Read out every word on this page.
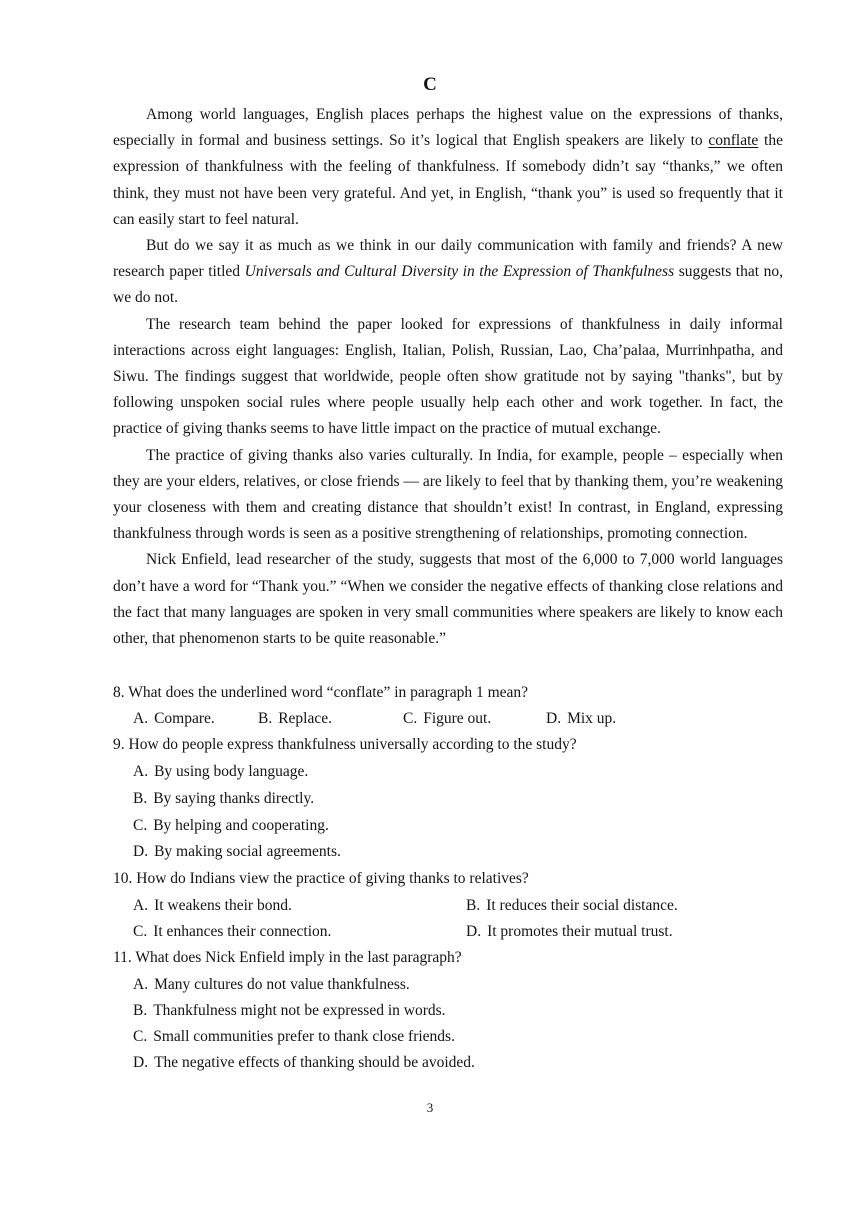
C

Among world languages, English places perhaps the highest value on the expressions of thanks, especially in formal and business settings. So it’s logical that English speakers are likely to conflate the expression of thankfulness with the feeling of thankfulness. If somebody didn’t say “thanks,” we often think, they must not have been very grateful. And yet, in English, “thank you” is used so frequently that it can easily start to feel natural.

But do we say it as much as we think in our daily communication with family and friends? A new research paper titled Universals and Cultural Diversity in the Expression of Thankfulness suggests that no, we do not.

The research team behind the paper looked for expressions of thankfulness in daily informal interactions across eight languages: English, Italian, Polish, Russian, Lao, Cha’palaa, Murrinhpatha, and Siwu. The findings suggest that worldwide, people often show gratitude not by saying "thanks", but by following unspoken social rules where people usually help each other and work together. In fact, the practice of giving thanks seems to have little impact on the practice of mutual exchange.

The practice of giving thanks also varies culturally. In India, for example, people – especially when they are your elders, relatives, or close friends — are likely to feel that by thanking them, you’re weakening your closeness with them and creating distance that shouldn’t exist! In contrast, in England, expressing thankfulness through words is seen as a positive strengthening of relationships, promoting connection.

Nick Enfield, lead researcher of the study, suggests that most of the 6,000 to 7,000 world languages don’t have a word for “Thank you.” “When we consider the negative effects of thanking close relations and the fact that many languages are spoken in very small communities where speakers are likely to know each other, that phenomenon starts to be quite reasonable.”

8. What does the underlined word “conflate” in paragraph 1 mean?
A. Compare.	B. Replace.	C. Figure out.	D. Mix up.
9. How do people express thankfulness universally according to the study?
A. By using body language.
B. By saying thanks directly.
C. By helping and cooperating.
D. By making social agreements.
10. How do Indians view the practice of giving thanks to relatives?
A. It weakens their bond.	B. It reduces their social distance.
C. It enhances their connection.	D. It promotes their mutual trust.
11. What does Nick Enfield imply in the last paragraph?
A. Many cultures do not value thankfulness.
B. Thankfulness might not be expressed in words.
C. Small communities prefer to thank close friends.
D. The negative effects of thanking should be avoided.
3
